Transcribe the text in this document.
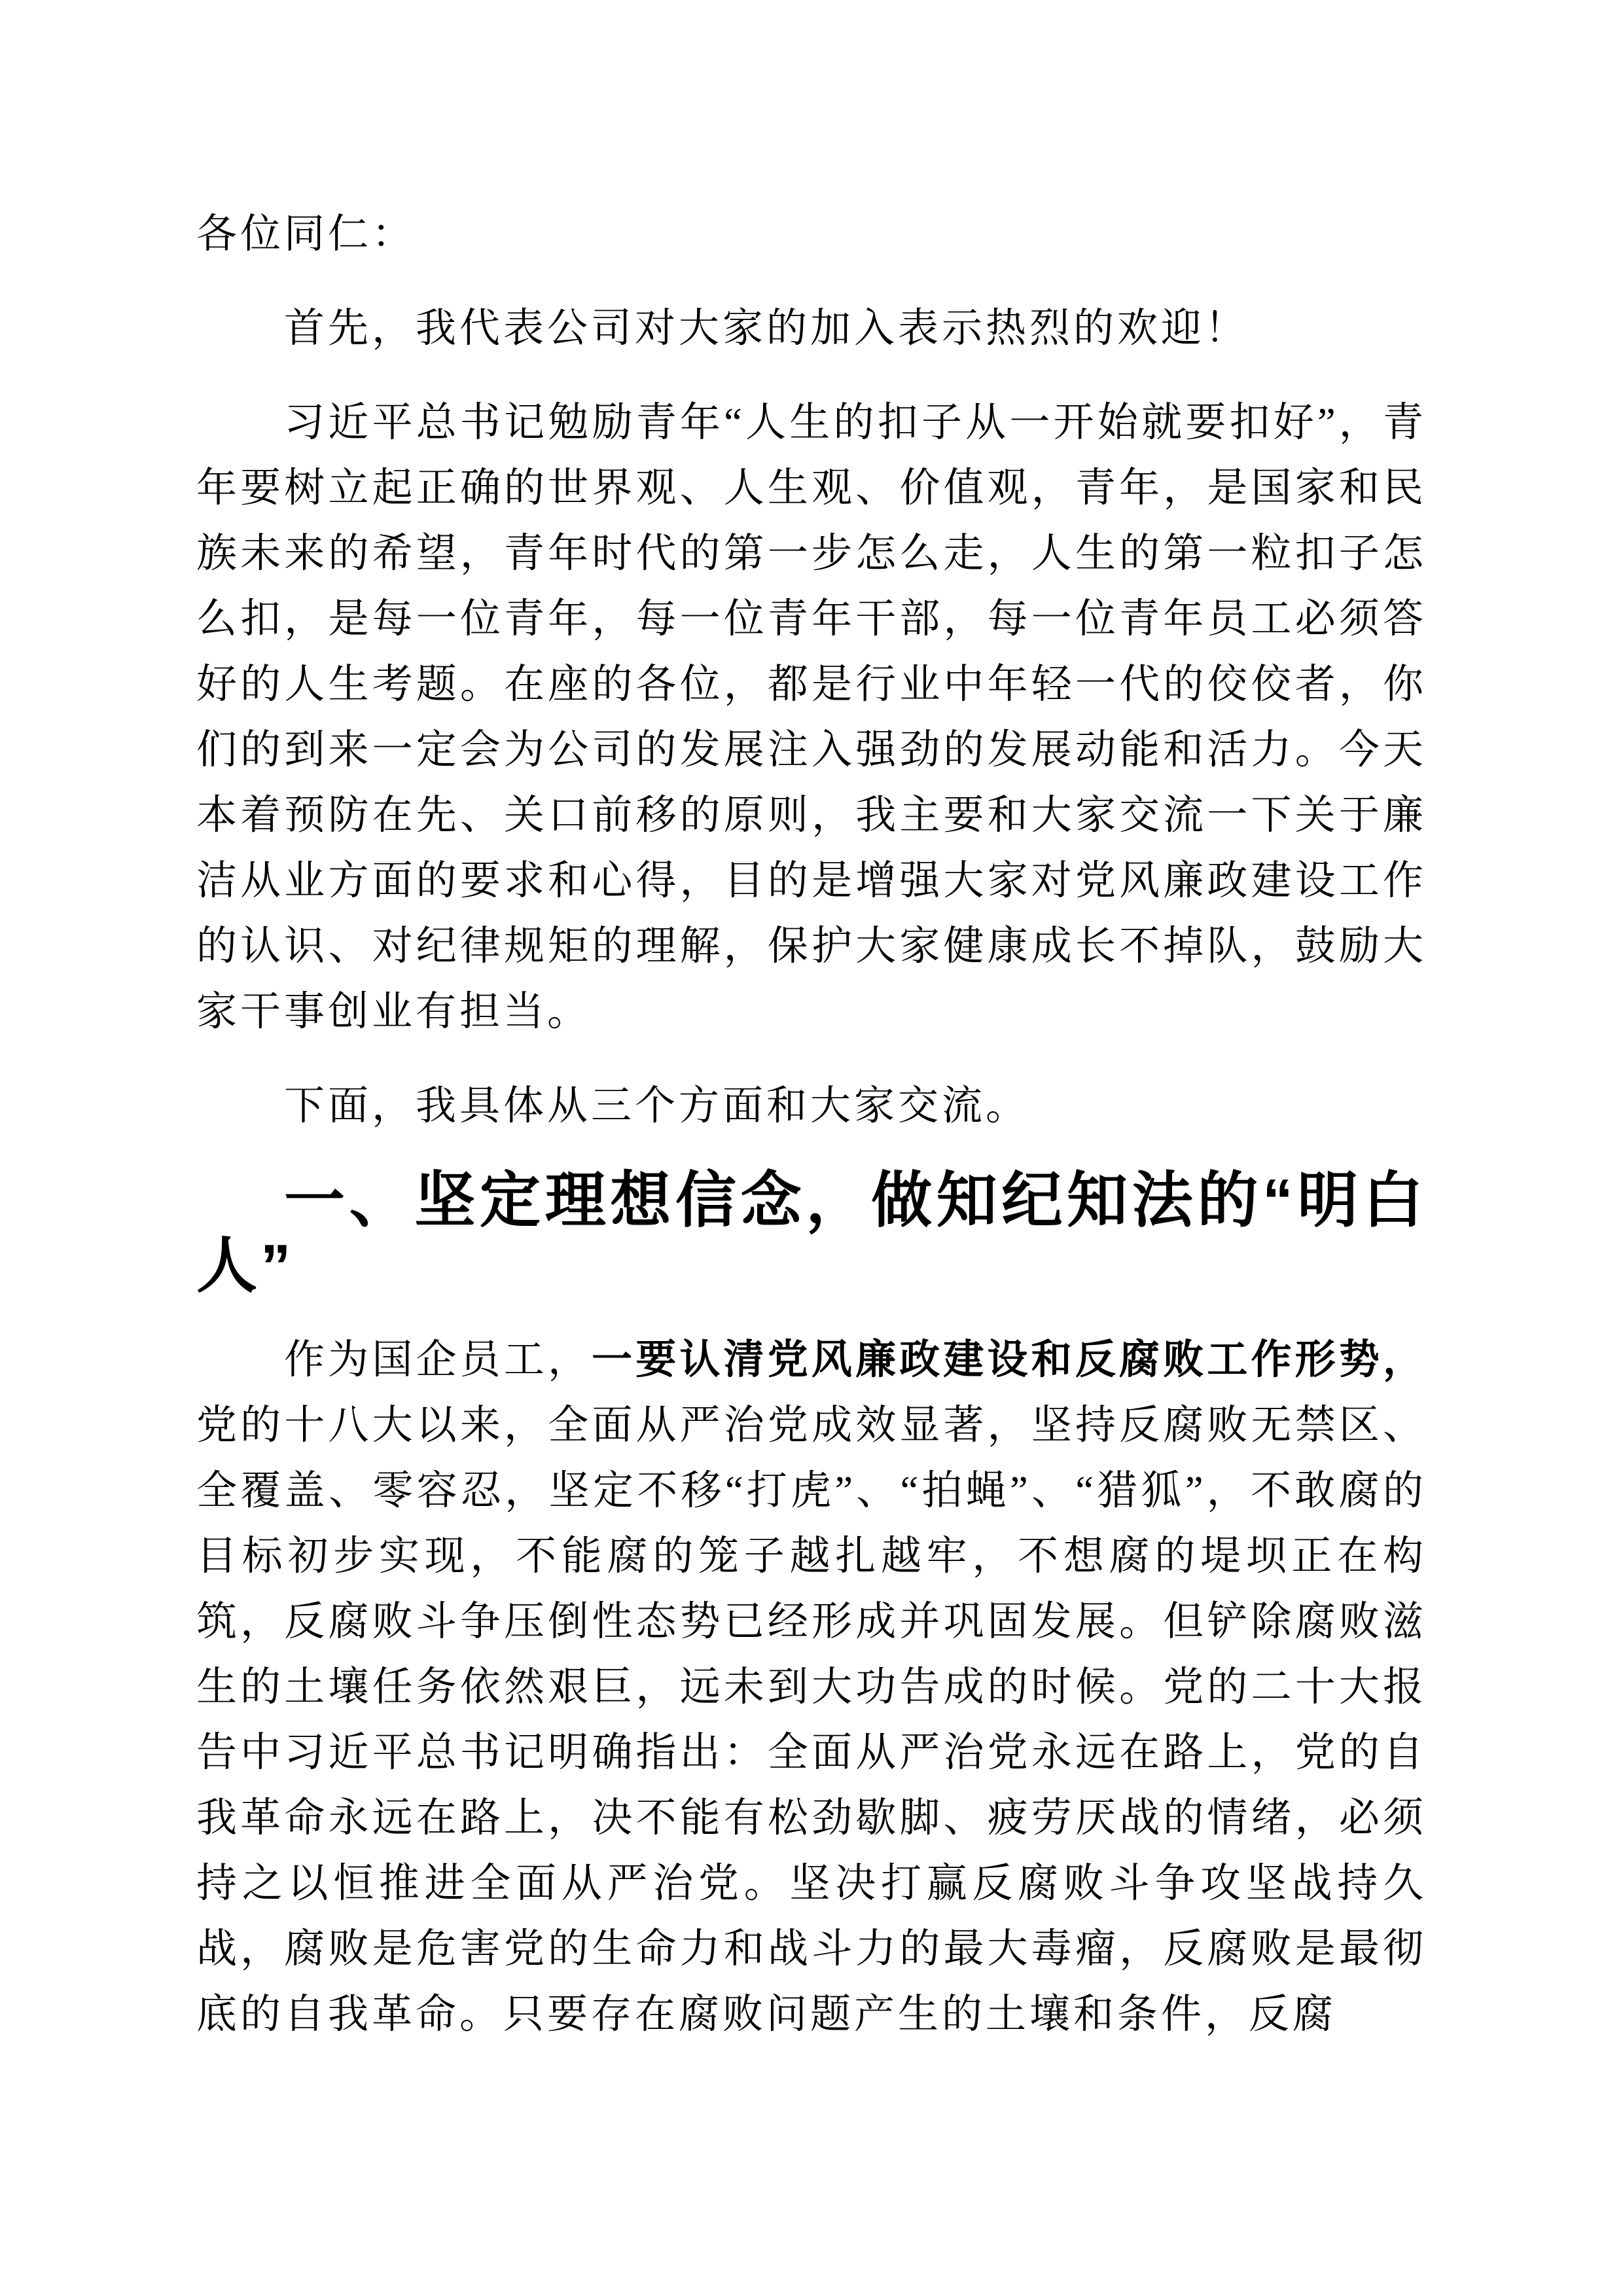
各位同仁：

首先，我代表公司对大家的加入表示热烈的欢迎！

习近平总书记勉励青年“人生的扣子从一开始就要扣好”，青年要树立起正确的世界观、人生观、价值观，青年，是国家和民族未来的希望，青年时代的第一步怎么走，人生的第一粒扣子怎么扣，是每一位青年，每一位青年干部，每一位青年员工必须答好的人生考题。在座的各位，都是行业中年轻一代的佼佼者，你们的到来一定会为公司的发展注入强劲的发展动能和活力。今天本着预防在先、关口前移的原则，我主要和大家交流一下关于廉洁从业方面的要求和心得，目的是增强大家对党风廉政建设工作的认识、对纪律规矩的理解，保护大家健康成长不掉队，鼓励大家干事创业有担当。

下面，我具体从三个方面和大家交流。

一、坚定理想信念，做知纪知法的“明白人”

作为国企员工，一要认清党风廉政建设和反腐败工作形势，党的十八大以来，全面从严治党成效显著，坚持反腐败无禁区、全覆盖、零容忍，坚定不移“打虎”、“拍蝇”、“猎狐”，不敢腐的目标初步实现，不能腐的笼子越扎越牢，不想腐的堤坝正在构筑，反腐败斗争压倒性态势已经形成并巩固发展。但铲除腐败滋生的土壤任务依然艰巨，远未到大功告成的时候。党的二十大报告中习近平总书记明确指出：全面从严治党永远在路上，党的自我革命永远在路上，决不能有松劲歇脚、疲劳厌战的情绪，必须持之以恒推进全面从严治党。坚决打赢反腐败斗争攻坚战持久战，腐败是危害党的生命力和战斗力的最大毒瘤，反腐败是最彻底的自我革命。只要存在腐败问题产生的土壤和条件，反腐
